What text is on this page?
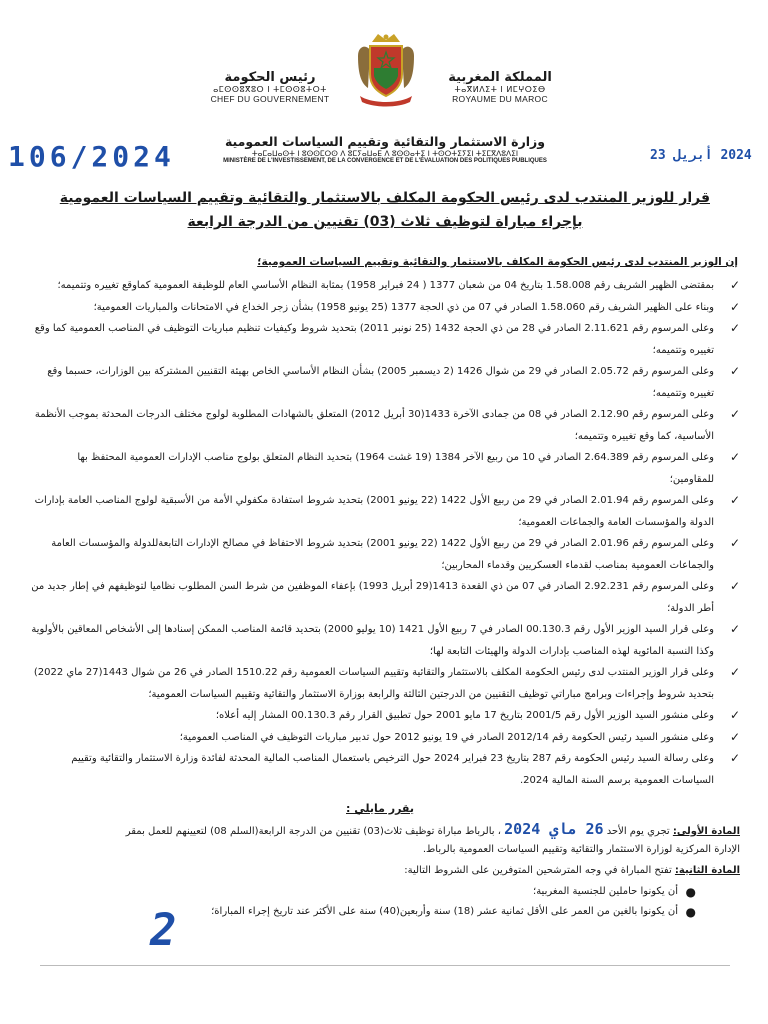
رئيس الحكومة
ⴰⵎⵙⵙⵓⴳⵓⵔ ⵏ ⵜⵎⵙⵙⵓⵜⵔⵜ
CHEF DU GOUVERNEMENT
المملكة المغربية
ⵜⴰⴳⵍⴷⵉⵜ ⵏ ⵍⵎⵖⵔⵉⴱ
ROYAUME DU MAROC
وزارة الاستثمار والتقائية وتقييم السياسات العمومية
ⵜⴰⵎⴰⵡⴰⵙⵜ ⵏ ⵓⵙⵙⵎⵔⵙ ⴷ ⵓⵎⵢⴰⵡⴰⴹ ⴷ ⵓⵙⵙⴰⵜⵉ ⵏ ⵜⵙⵔⵜⵉⵢⵉⵏ ⵜⵉⵎⴳⴷⵓⴷⵉⵏ
MINISTÈRE DE L'INVESTISSEMENT, DE LA CONVERGENCE ET DE L'ÉVALUATION DES POLITIQUES PUBLIQUES
106/2024	2024 أبريل 23
قرار للوزير المنتدب لدى رئيس الحكومة المكلف بالاستثمار والتقائية وتقييم السياسات العمومية
بإجراء مباراة لتوظيف ثلاث (03) تقنيين من الدرجة الرابعة
إن الوزير المنتدب لدى رئيس الحكومة المكلف بالاستثمار والتقائية وتقييم السياسات العمومية؛
✓
بمقتضى الظهير الشريف رقم 1.58.008 بتاريخ 04 من شعبان 1377 ( 24 فبراير 1958) بمثابة النظام الأساسي العام للوظيفة العمومية كماوقع تغييره وتتميمه؛
✓
وبناء على الظهير الشريف رقم 1.58.060 الصادر في 07 من ذي الحجة 1377 (25 يونيو 1958) بشأن زجر الخداع في الامتحانات والمباريات العمومية؛
✓
وعلى المرسوم رقم 2.11.621 الصادر في 28 من ذي الحجة 1432 (25 نونبر 2011) بتحديد شروط وكيفيات تنظيم مباريات التوظيف في المناصب العمومية كما وقع تغييره وتتميمه؛
✓
وعلى المرسوم رقم 2.05.72 الصادر في 29 من شوال 1426 (2 ديسمبر 2005) بشأن النظام الأساسي الخاص بهيئة التقنيين المشتركة بين الوزارات، حسبما وقع تغييره وتتميمه؛
✓
وعلى المرسوم رقم 2.12.90 الصادر في 08 من جمادى الآخرة 1433(30 أبريل 2012) المتعلق بالشهادات المطلوبة لولوج مختلف الدرجات المحدثة بموجب الأنظمة الأساسية، كما وقع تغييره وتتميمه؛
✓
وعلى المرسوم رقم 2.64.389 الصادر في 10 من ربيع الآخر 1384 (19 غشت 1964) بتحديد النظام المتعلق بولوج مناصب الإدارات العمومية المحتفظ بها للمقاومين؛
✓
وعلى المرسوم رقم 2.01.94 الصادر في 29 من ربيع الأول 1422 (22 يونيو 2001) بتحديد شروط استفادة مكفولي الأمة من الأسبقية لولوج المناصب العامة بإدارات الدولة والمؤسسات العامة والجماعات العمومية؛
✓
وعلى المرسوم رقم 2.01.96 الصادر في 29 من ربيع الأول 1422 (22 يونيو 2001) بتحديد شروط الاحتفاظ في مصالح الإدارات التابعةللدولة والمؤسسات العامة والجماعات العمومية بمناصب لقدماء العسكريين وقدماء المحاربين؛
✓
وعلى المرسوم رقم 2.92.231 الصادر في 07 من ذي القعدة 1413(29 أبريل 1993) بإعفاء الموظفين من شرط السن المطلوب نظاميا لتوظيفهم في إطار جديد من أطر الدولة؛
✓
وعلى قرار السيد الوزير الأول رقم 00.130.3 الصادر في 7 ربيع الأول 1421 (10 يوليو 2000) بتحديد قائمة المناصب الممكن إسنادها إلى الأشخاص المعاقين بالأولوية وكذا النسبة المائوية لهذه المناصب بإدارات الدولة والهيئات التابعة لها؛
✓
وعلى قرار الوزير المنتدب لدى رئيس الحكومة المكلف بالاستثمار والتقائية وتقييم السياسات العمومية رقم 1510.22 الصادر في 26 من شوال 1443(27 ماي 2022) بتحديد شروط وإجراءات وبرامج مباراتي توظيف التقنيين من الدرجتين الثالثة والرابعة بوزارة الاستثمار والتقائية وتقييم السياسات العمومية؛
✓
وعلى منشور السيد الوزير الأول رقم 2001/5 بتاريخ 17 مايو 2001 حول تطبيق القرار رقم 00.130.3 المشار إليه أعلاه؛
✓
وعلى منشور السيد رئيس الحكومة رقم 2012/14 الصادر في 19 يونيو 2012 حول تدبير مباريات التوظيف في المناصب العمومية؛
✓
وعلى رسالة السيد رئيس الحكومة رقم 287 بتاريخ 23 فبراير 2024 حول الترخيص باستعمال المناصب المالية المحدثة لفائدة وزارة الاستثمار والتقائية وتقييم السياسات العمومية برسم السنة المالية 2024.
يقرر مايلي :
المادة الأولى: تجري يوم الأحد 26 ماي 2024 ، بالرباط مباراة توظيف ثلاث(03) تقنيين من الدرجة الرابعة(السلم 08) لتعيينهم للعمل بمقر
الإدارة المركزية لوزارة الاستثمار والتقائية وتقييم السياسات العمومية بالرباط.
المادة الثانية: تفتح المباراة في وجه المترشحين المتوفرين على الشروط التالية:
●
أن يكونوا حاملين للجنسية المغربية؛
●
أن يكونوا بالغين من العمر على الأقل ثمانية عشر (18) سنة وأربعين(40) سنة على الأكثر عند تاريخ إجراء المباراة؛
2
